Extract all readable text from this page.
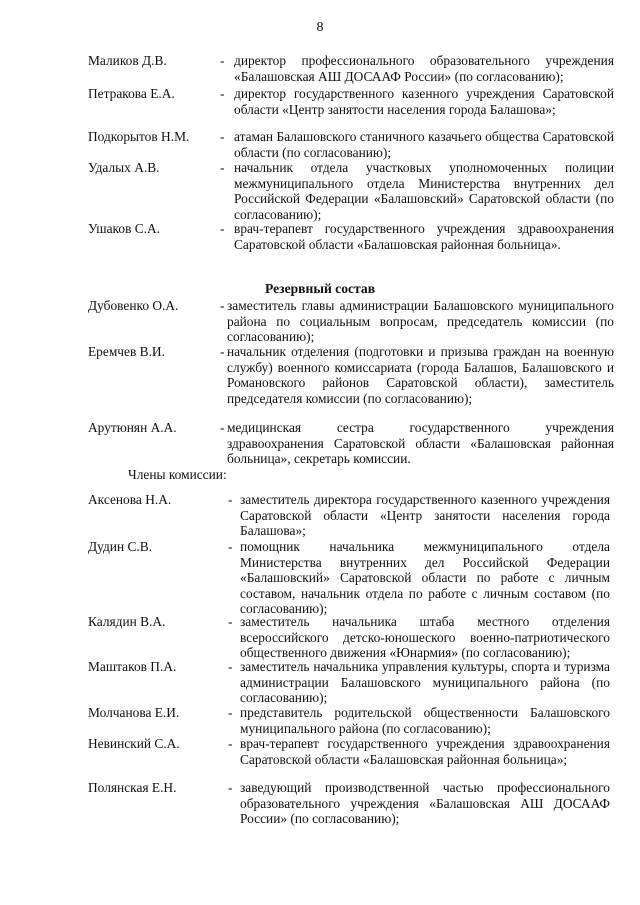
8
Маликов Д.В.	- директор профессионального образовательного учреждения «Балашовская АШ ДОСААФ России» (по согласованию);
Петракова Е.А.	- директор государственного казенного учреждения Саратовской области «Центр занятости населения города Балашова»;
Подкорытов Н.М. - атаман Балашовского станичного казачьего общества Саратовской области (по согласованию);
Удалых А.В.	- начальник отдела участковых уполномоченных полиции межмуниципального отдела Министерства внутренних дел Российской Федерации «Балашовский» Саратовской области (по согласованию);
Ушаков С.А.	- врач-терапевт государственного учреждения здравоохранения Саратовской области «Балашовская районная больница».
Резервный состав
Дубовенко О.А.	- заместитель главы администрации Балашовского муниципального района по социальным вопросам, председатель комиссии (по согласованию);
Еремчев В.И.	- начальник отделения (подготовки и призыва граждан на военную службу) военного комиссариата (города Балашов, Балашовского и Романовского районов Саратовской области), заместитель председателя комиссии (по согласованию);
Арутюнян А.А.	- медицинская сестра государственного учреждения здравоохранения Саратовской области «Балашовская районная больница», секретарь комиссии.
Члены комиссии:
Аксенова Н.А.	- заместитель директора государственного казенного учреждения Саратовской области «Центр занятости населения города Балашова»;
Дудин С.В.	- помощник начальника межмуниципального отдела Министерства внутренних дел Российской Федерации «Балашовский» Саратовской области по работе с личным составом, начальник отдела по работе с личным составом (по согласованию);
Калядин В.А.	- заместитель начальника штаба местного отделения всероссийского детско-юношеского военно-патриотического общественного движения «Юнармия» (по согласованию);
Маштаков П.А.	- заместитель начальника управления культуры, спорта и туризма администрации Балашовского муниципального района (по согласованию);
Молчанова Е.И.	- представитель родительской общественности Балашовского муниципального района (по согласованию);
Невинский С.А.	- врач-терапевт государственного учреждения здравоохранения Саратовской области «Балашовская районная больница»;
Полянская Е.Н.	- заведующий производственной частью профессионального образовательного учреждения «Балашовская АШ ДОСААФ России» (по согласованию);
